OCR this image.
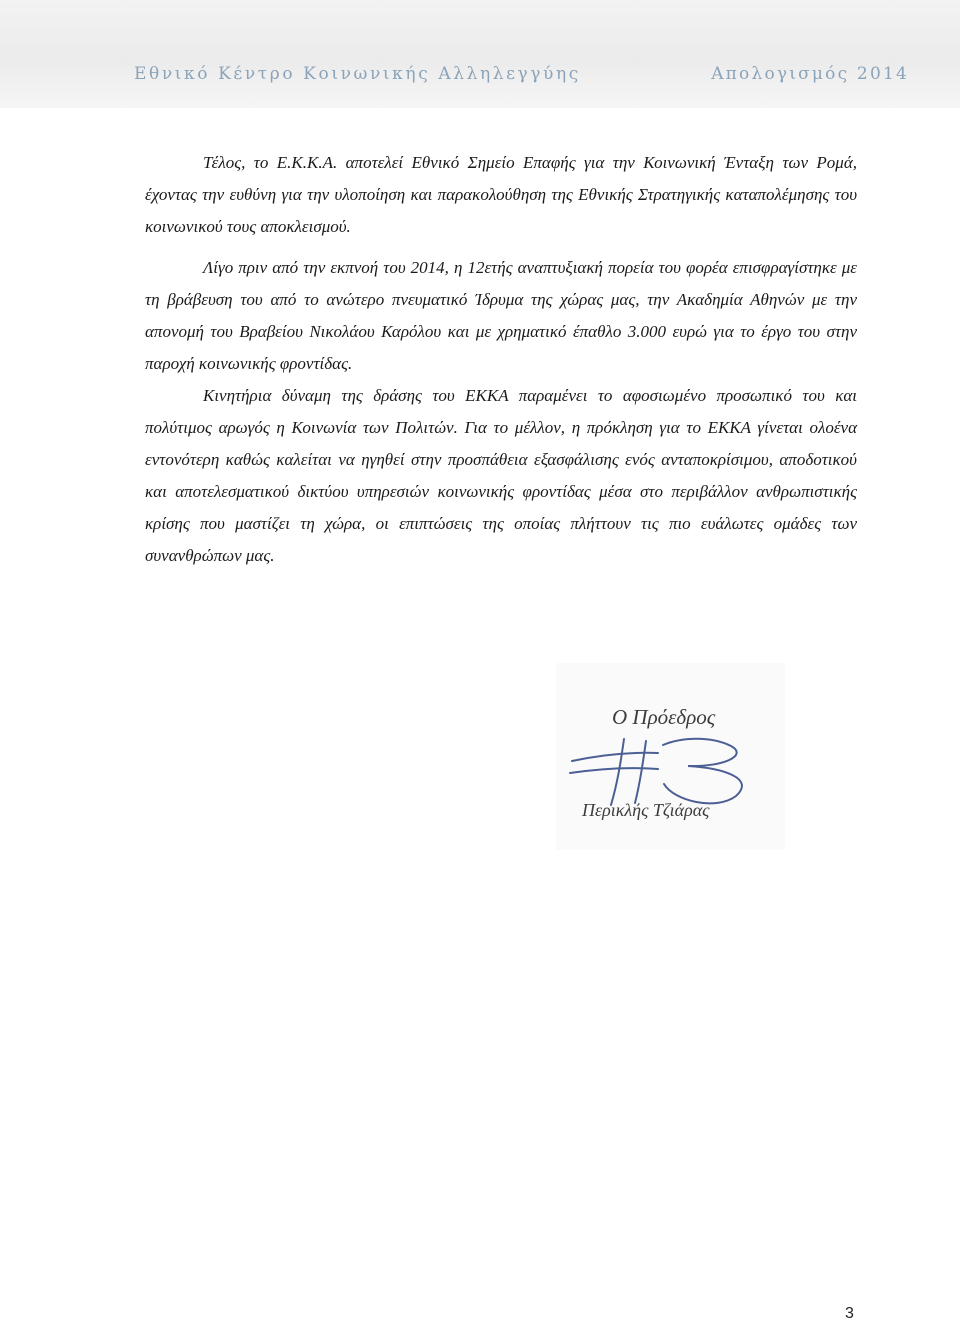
Εθνικό Κέντρο Κοινωνικής Αλληλεγγύης	Απολογισμός 2014

Τέλος, το Ε.Κ.Κ.Α. αποτελεί Εθνικό Σημείο Επαφής για την Κοινωνική Ένταξη των Ρομά, έχοντας την ευθύνη για την υλοποίηση και παρακολούθηση της Εθνικής Στρατηγικής καταπολέμησης του κοινωνικού τους αποκλεισμού.

Λίγο πριν από την εκπνοή του 2014, η 12ετής αναπτυξιακή πορεία του φορέα επισφραγίστηκε με τη βράβευση του από το ανώτερο πνευματικό Ίδρυμα της χώρας μας, την Ακαδημία Αθηνών με την απονομή του Βραβείου Νικολάου Καρόλου και με χρηματικό έπαθλο 3.000 ευρώ για το έργο του στην παροχή κοινωνικής φροντίδας.

Κινητήρια δύναμη της δράσης του ΕΚΚΑ παραμένει το αφοσιωμένο προσωπικό του και πολύτιμος αρωγός η Κοινωνία των Πολιτών. Για το μέλλον, η πρόκληση για το ΕΚΚΑ γίνεται ολοένα εντονότερη καθώς καλείται να ηγηθεί στην προσπάθεια εξασφάλισης ενός ανταποκρίσιμου, αποδοτικού και αποτελεσματικού δικτύου υπηρεσιών κοινωνικής φροντίδας μέσα στο περιβάλλον ανθρωπιστικής κρίσης που μαστίζει τη χώρα, οι επιπτώσεις της οποίας πλήττουν τις πιο ευάλωτες ομάδες των συνανθρώπων μας.

Ο Πρόεδρος
Περικλής Τζιάρας
3
